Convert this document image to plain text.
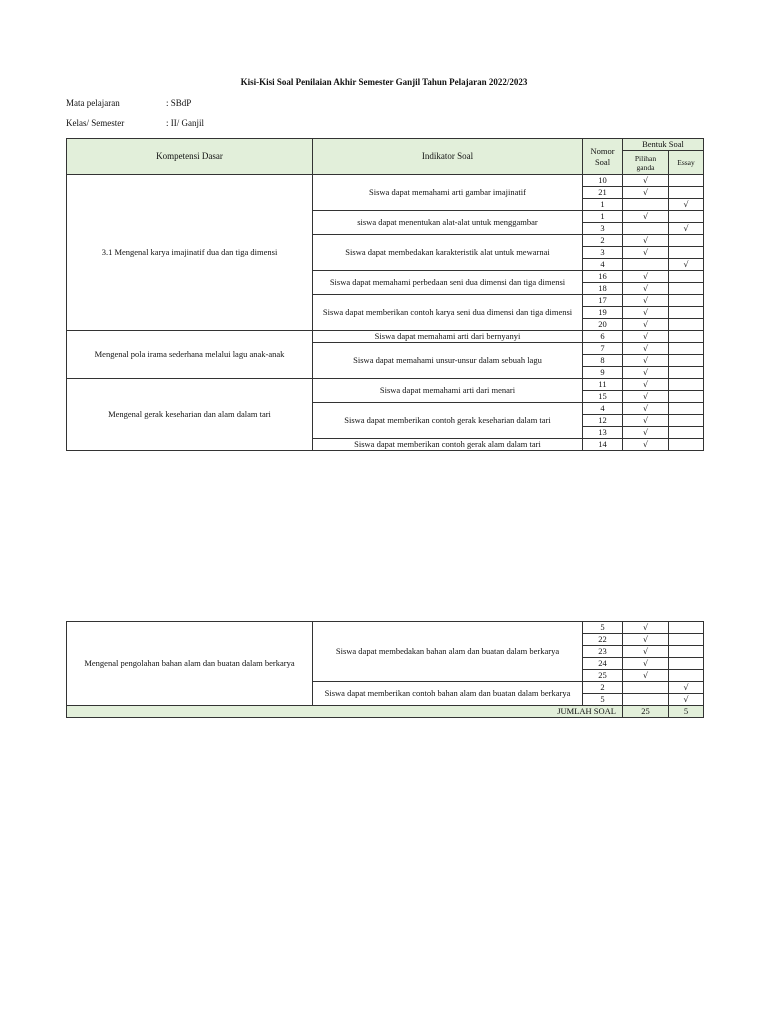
Kisi-Kisi Soal Penilaian Akhir Semester Ganjil Tahun Pelajaran 2022/2023
Mata pelajaran	: SBdP
Kelas/ Semester	: II/ Ganjil
Kompetensi Dasar	Indikator Soal	Nomor Soal	Bentuk Soal	
			Pilihan ganda	Essay
3.1 Mengenal karya imajinatif dua dan tiga dimensi	Siswa dapat memahami arti gambar imajinatif	10	√	
		21	√	
		1		√
	siswa dapat menentukan alat-alat untuk menggambar	1	√	
		3		√
	Siswa dapat membedakan karakteristik alat untuk mewarnai	2	√	
		3	√	
		4		√
	Siswa dapat memahami perbedaan seni dua dimensi dan tiga dimensi	16	√	
		18	√	
	Siswa dapat memberikan contoh karya seni dua dimensi dan tiga dimensi	17	√	
		19	√	
		20	√	
Mengenal pola irama sederhana melalui lagu anak-anak	Siswa dapat memahami arti dari bernyanyi	6	√	
	Siswa dapat memahami unsur-unsur dalam sebuah lagu	7	√	
		8	√	
		9	√	
Mengenal gerak keseharian dan alam dalam tari	Siswa dapat memahami arti dari menari	11	√	
		15	√	
	Siswa dapat memberikan contoh gerak keseharian dalam tari	4	√	
		12	√	
		13	√	
	Siswa dapat memberikan contoh gerak alam dalam tari	14	√	
Mengenal pengolahan bahan alam dan buatan dalam berkarya	Siswa dapat membedakan bahan alam dan buatan dalam berkarya	5	√	
		22	√	
		23	√	
		24	√	
		25	√	
	Siswa dapat memberikan contoh bahan alam dan buatan dalam berkarya	2		√
		5		√
JUMLAH SOAL			25	5
